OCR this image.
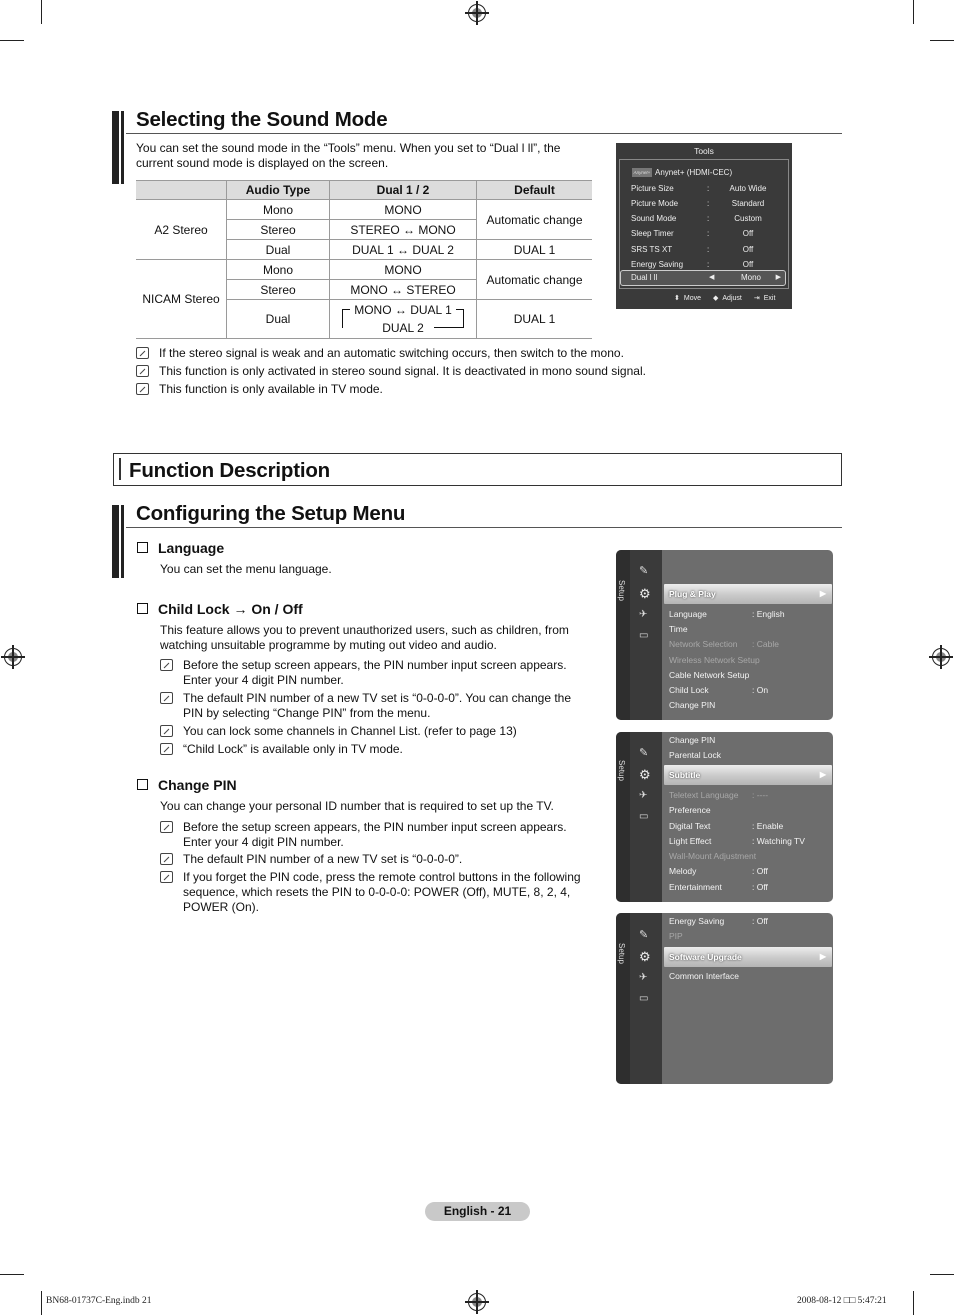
Selecting the Sound Mode
You can set the sound mode in the “Tools” menu. When you set to “Dual l ll”, the
current sound mode is displayed on the screen.
	Audio Type	Dual 1 / 2	Default
A2 Stereo	Mono	MONO	Automatic change
	Stereo	STEREO ↔ MONO	
	Dual	DUAL 1 ↔ DUAL 2	DUAL 1
NICAM Stereo	Mono	MONO	Automatic change
	Stereo	MONO ↔ STEREO	
	Dual	MONO ↔ DUAL 1
DUAL 2	DUAL 1
If the stereo signal is weak and an automatic switching occurs, then switch to the mono.
This function is only activated in stereo sound signal. It is deactivated in mono sound signal.
This function is only available in TV mode.
Tools
Anynet+ Anynet+ (HDMI-CEC)
Picture Size	:	Auto Wide
Picture Mode	:	Standard
Sound Mode	:	Custom
Sleep Timer	:	Off
SRS TS XT	:	Off
Energy Saving	:	Off
Dual l ll	◀	Mono	▶
⬍ Move ◆ Adjust ⇥ Exit
Function Description
Configuring the Setup Menu
Language
You can set the menu language.
Child Lock → On / Off
This feature allows you to prevent unauthorized users, such as children, from
watching unsuitable programme by muting out video and audio.
Before the setup screen appears, the PIN number input screen appears.
Enter your 4 digit PIN number.
The default PIN number of a new TV set is “0-0-0-0”. You can change the
PIN by selecting “Change PIN” from the menu.
You can lock some channels in Channel List. (refer to page 13)
“Child Lock” is available only in TV mode.
Change PIN
You can change your personal ID number that is required to set up the TV.
Before the setup screen appears, the PIN number input screen appears.
Enter your 4 digit PIN number.
The default PIN number of a new TV set is “0-0-0-0”.
If you forget the PIN code, press the remote control buttons in the following
sequence, which resets the PIN to 0-0-0-0: POWER (Off), MUTE, 8, 2, 4,
POWER (On).
Setup
✎
⚙
✈
▭
Plug & Play	▶
Language	: English
Time
Network Selection : Cable
Wireless Network Setup
Cable Network Setup
Child Lock	: On
Change PIN
Setup
✎
⚙
✈
▭
Change PIN
Parental Lock
Subtitle	▶
Teletext Language : ----
Preference
Digital Text	: Enable
Light Effect	: Watching TV
Wall-Mount Adjustment
Melody	: Off
Entertainment	: Off
Setup
✎
⚙
✈
▭
Energy Saving	: Off
PIP
Software Upgrade	▶
Common Interface
English - 21
BN68-01737C-Eng.indb 21	2008-08-12 □□ 5:47:21
